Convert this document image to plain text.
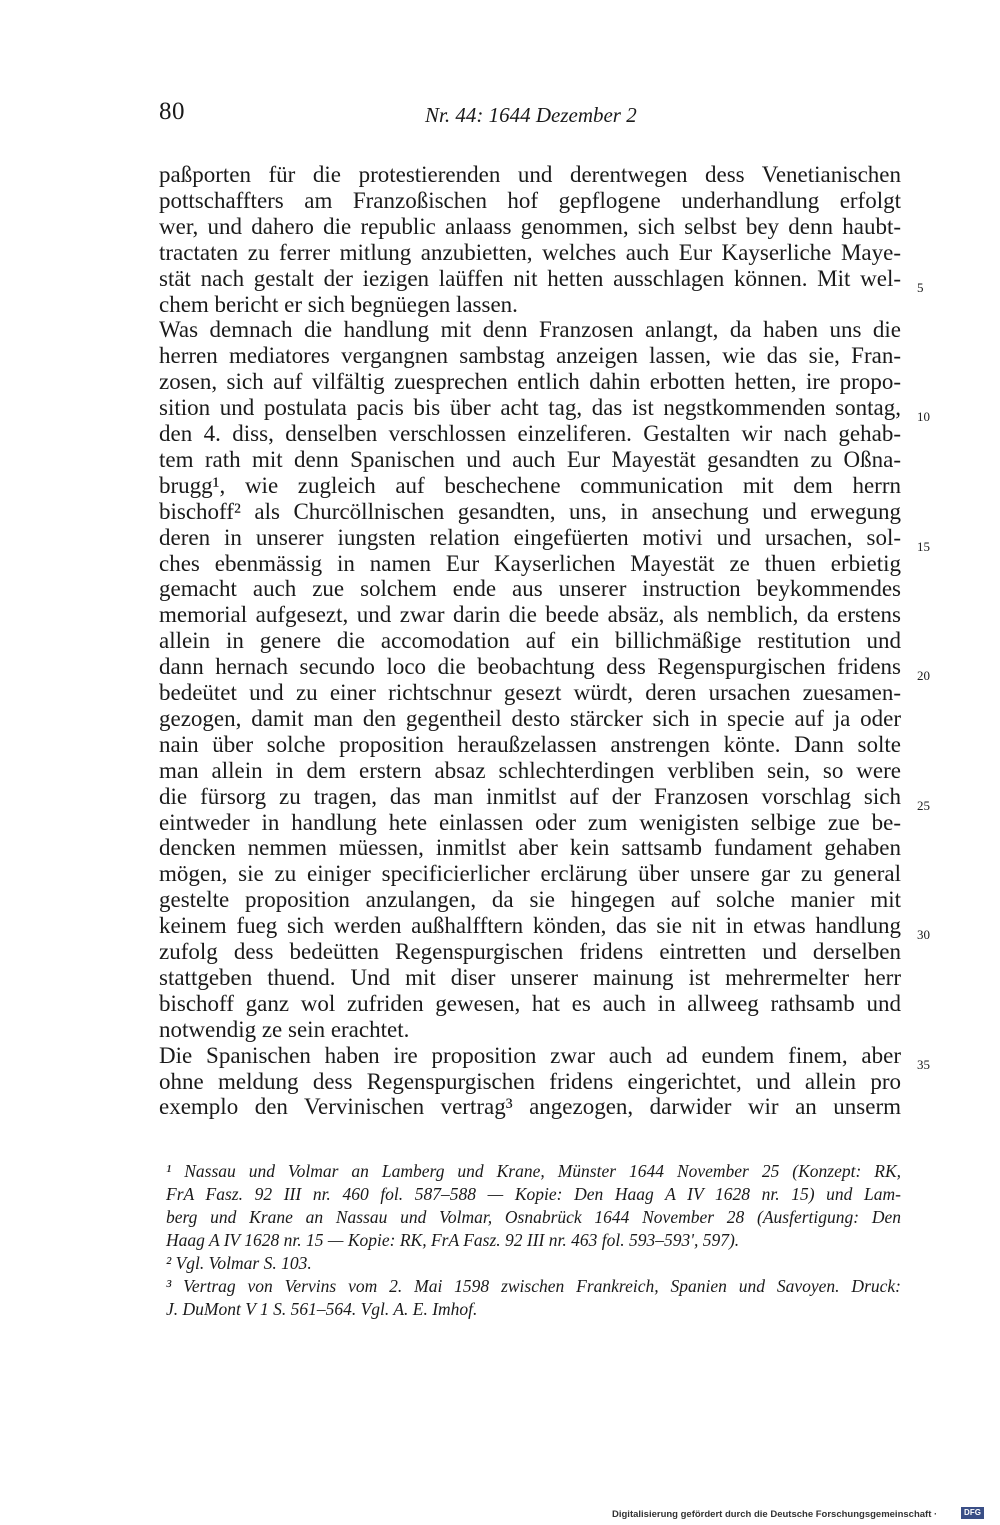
80	Nr. 44: 1644 Dezember 2
paßporten für die protestierenden und derentwegen dess Venetianischen
pottschaffters am Franzoßischen hof gepflogene underhandlung erfolgt
wer, und dahero die republic anlaass genommen, sich selbst bey denn haubt-
tractaten zu ferrer mitlung anzubietten, welches auch Eur Kayserliche Maye-
stät nach gestalt der iezigen laüffen nit hetten ausschlagen können. Mit wel-
chem bericht er sich begnüegen lassen.
Was demnach die handlung mit denn Franzosen anlangt, da haben uns die
herren mediatores vergangnen sambstag anzeigen lassen, wie das sie, Fran-
zosen, sich auf vilfältig zuesprechen entlich dahin erbotten hetten, ire propo-
sition und postulata pacis bis über acht tag, das ist negstkommenden sontag,
den 4. diss, denselben verschlossen einzeliferen. Gestalten wir nach gehab-
tem rath mit denn Spanischen und auch Eur Mayestät gesandten zu Oßna-
brugg¹, wie zugleich auf beschechene communication mit dem herrn
bischoff² als Churcöllnischen gesandten, uns, in ansechung und erwegung
deren in unserer iungsten relation eingefüerten motivi und ursachen, sol-
ches ebenmässig in namen Eur Kayserlichen Mayestät ze thuen erbietig
gemacht auch zue solchem ende aus unserer instruction beykommendes
memorial aufgesezt, und zwar darin die beede absäz, als nemblich, da erstens
allein in genere die accomodation auf ein billichmäßige restitution und
dann hernach secundo loco die beobachtung dess Regenspurgischen fridens
bedeütet und zu einer richtschnur gesezt würdt, deren ursachen zuesamen-
gezogen, damit man den gegentheil desto stärcker sich in specie auf ja oder
nain über solche proposition heraußzelassen anstrengen könte. Dann solte
man allein in dem erstern absaz schlechterdingen verbliben sein, so were
die fürsorg zu tragen, das man inmitlst auf der Franzosen vorschlag sich
eintweder in handlung hete einlassen oder zum wenigisten selbige zue be-
dencken nemmen müessen, inmitlst aber kein sattsamb fundament gehaben
mögen, sie zu einiger specificierlicher erclärung über unsere gar zu general
gestelte proposition anzulangen, da sie hingegen auf solche manier mit
keinem fueg sich werden außhalfftern könden, das sie nit in etwas handlung
zufolg dess bedeütten Regenspurgischen fridens eintretten und derselben
stattgeben thuend. Und mit diser unserer mainung ist mehrermelter herr
bischoff ganz wol zufriden gewesen, hat es auch in allweeg rathsamb und
notwendig ze sein erachtet.
Die Spanischen haben ire proposition zwar auch ad eundem finem, aber
ohne meldung dess Regenspurgischen fridens eingerichtet, und allein pro
exemplo den Vervinischen vertrag³ angezogen, darwider wir an unserm
5
10
15
20
25
30
35
¹ Nassau und Volmar an Lamberg und Krane, Münster 1644 November 25 (Konzept: RK,
FrA Fasz. 92 III nr. 460 fol. 587–588 — Kopie: Den Haag A IV 1628 nr. 15) und Lam-
berg und Krane an Nassau und Volmar, Osnabrück 1644 November 28 (Ausfertigung: Den
Haag A IV 1628 nr. 15 — Kopie: RK, FrA Fasz. 92 III nr. 463 fol. 593–593', 597).
² Vgl. Volmar S. 103.
³ Vertrag von Vervins vom 2. Mai 1598 zwischen Frankreich, Spanien und Savoyen. Druck:
J. DuMont V 1 S. 561–564. Vgl. A. E. Imhof.
Digitalisierung gefördert durch die Deutsche Forschungsgemeinschaft ·	DFG
